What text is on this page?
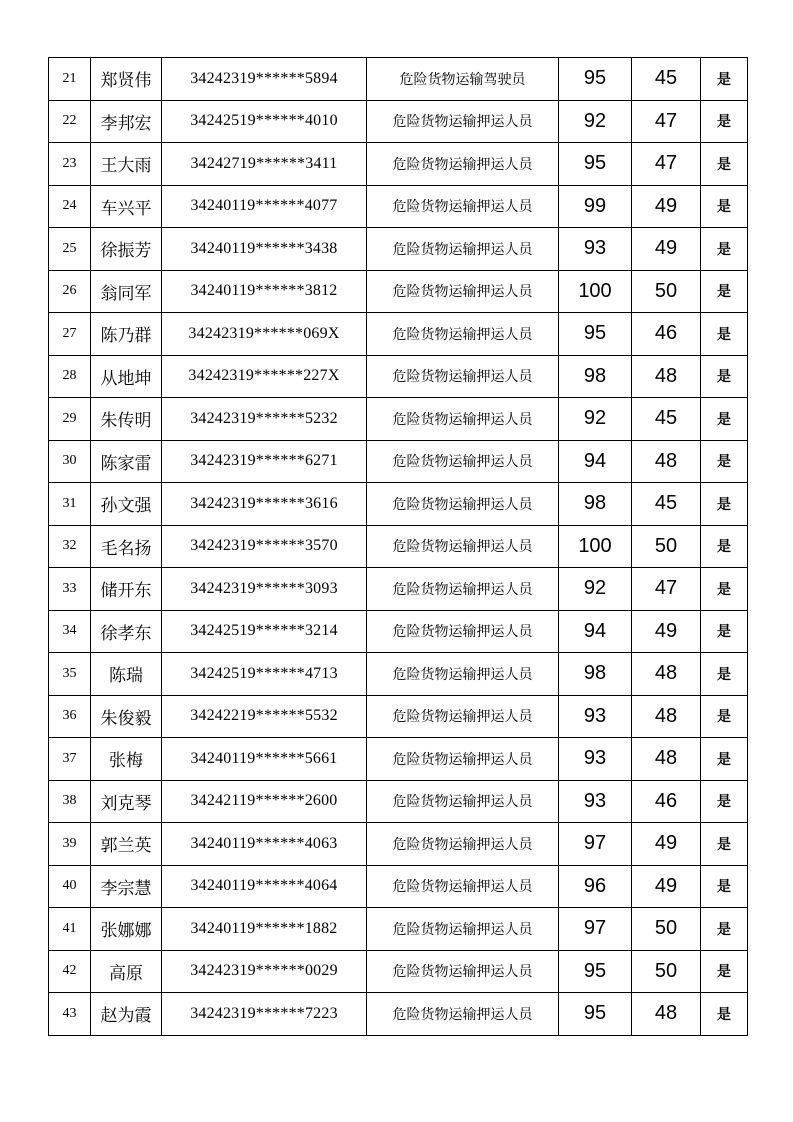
21	郑贤伟	34242319******5894	危险货物运输驾驶员	95	45	是
22	李邦宏	34242519******4010	危险货物运输押运人员	92	47	是
23	王大雨	34242719******3411	危险货物运输押运人员	95	47	是
24	车兴平	34240119******4077	危险货物运输押运人员	99	49	是
25	徐振芳	34240119******3438	危险货物运输押运人员	93	49	是
26	翁同军	34240119******3812	危险货物运输押运人员	100	50	是
27	陈乃群	34242319******069X	危险货物运输押运人员	95	46	是
28	从地坤	34242319******227X	危险货物运输押运人员	98	48	是
29	朱传明	34242319******5232	危险货物运输押运人员	92	45	是
30	陈家雷	34242319******6271	危险货物运输押运人员	94	48	是
31	孙文强	34242319******3616	危险货物运输押运人员	98	45	是
32	毛名扬	34242319******3570	危险货物运输押运人员	100	50	是
33	储开东	34242319******3093	危险货物运输押运人员	92	47	是
34	徐孝东	34242519******3214	危险货物运输押运人员	94	49	是
35	陈瑞	34242519******4713	危险货物运输押运人员	98	48	是
36	朱俊毅	34242219******5532	危险货物运输押运人员	93	48	是
37	张梅	34240119******5661	危险货物运输押运人员	93	48	是
38	刘克琴	34242119******2600	危险货物运输押运人员	93	46	是
39	郭兰英	34240119******4063	危险货物运输押运人员	97	49	是
40	李宗慧	34240119******4064	危险货物运输押运人员	96	49	是
41	张娜娜	34240119******1882	危险货物运输押运人员	97	50	是
42	高原	34242319******0029	危险货物运输押运人员	95	50	是
43	赵为霞	34242319******7223	危险货物运输押运人员	95	48	是
